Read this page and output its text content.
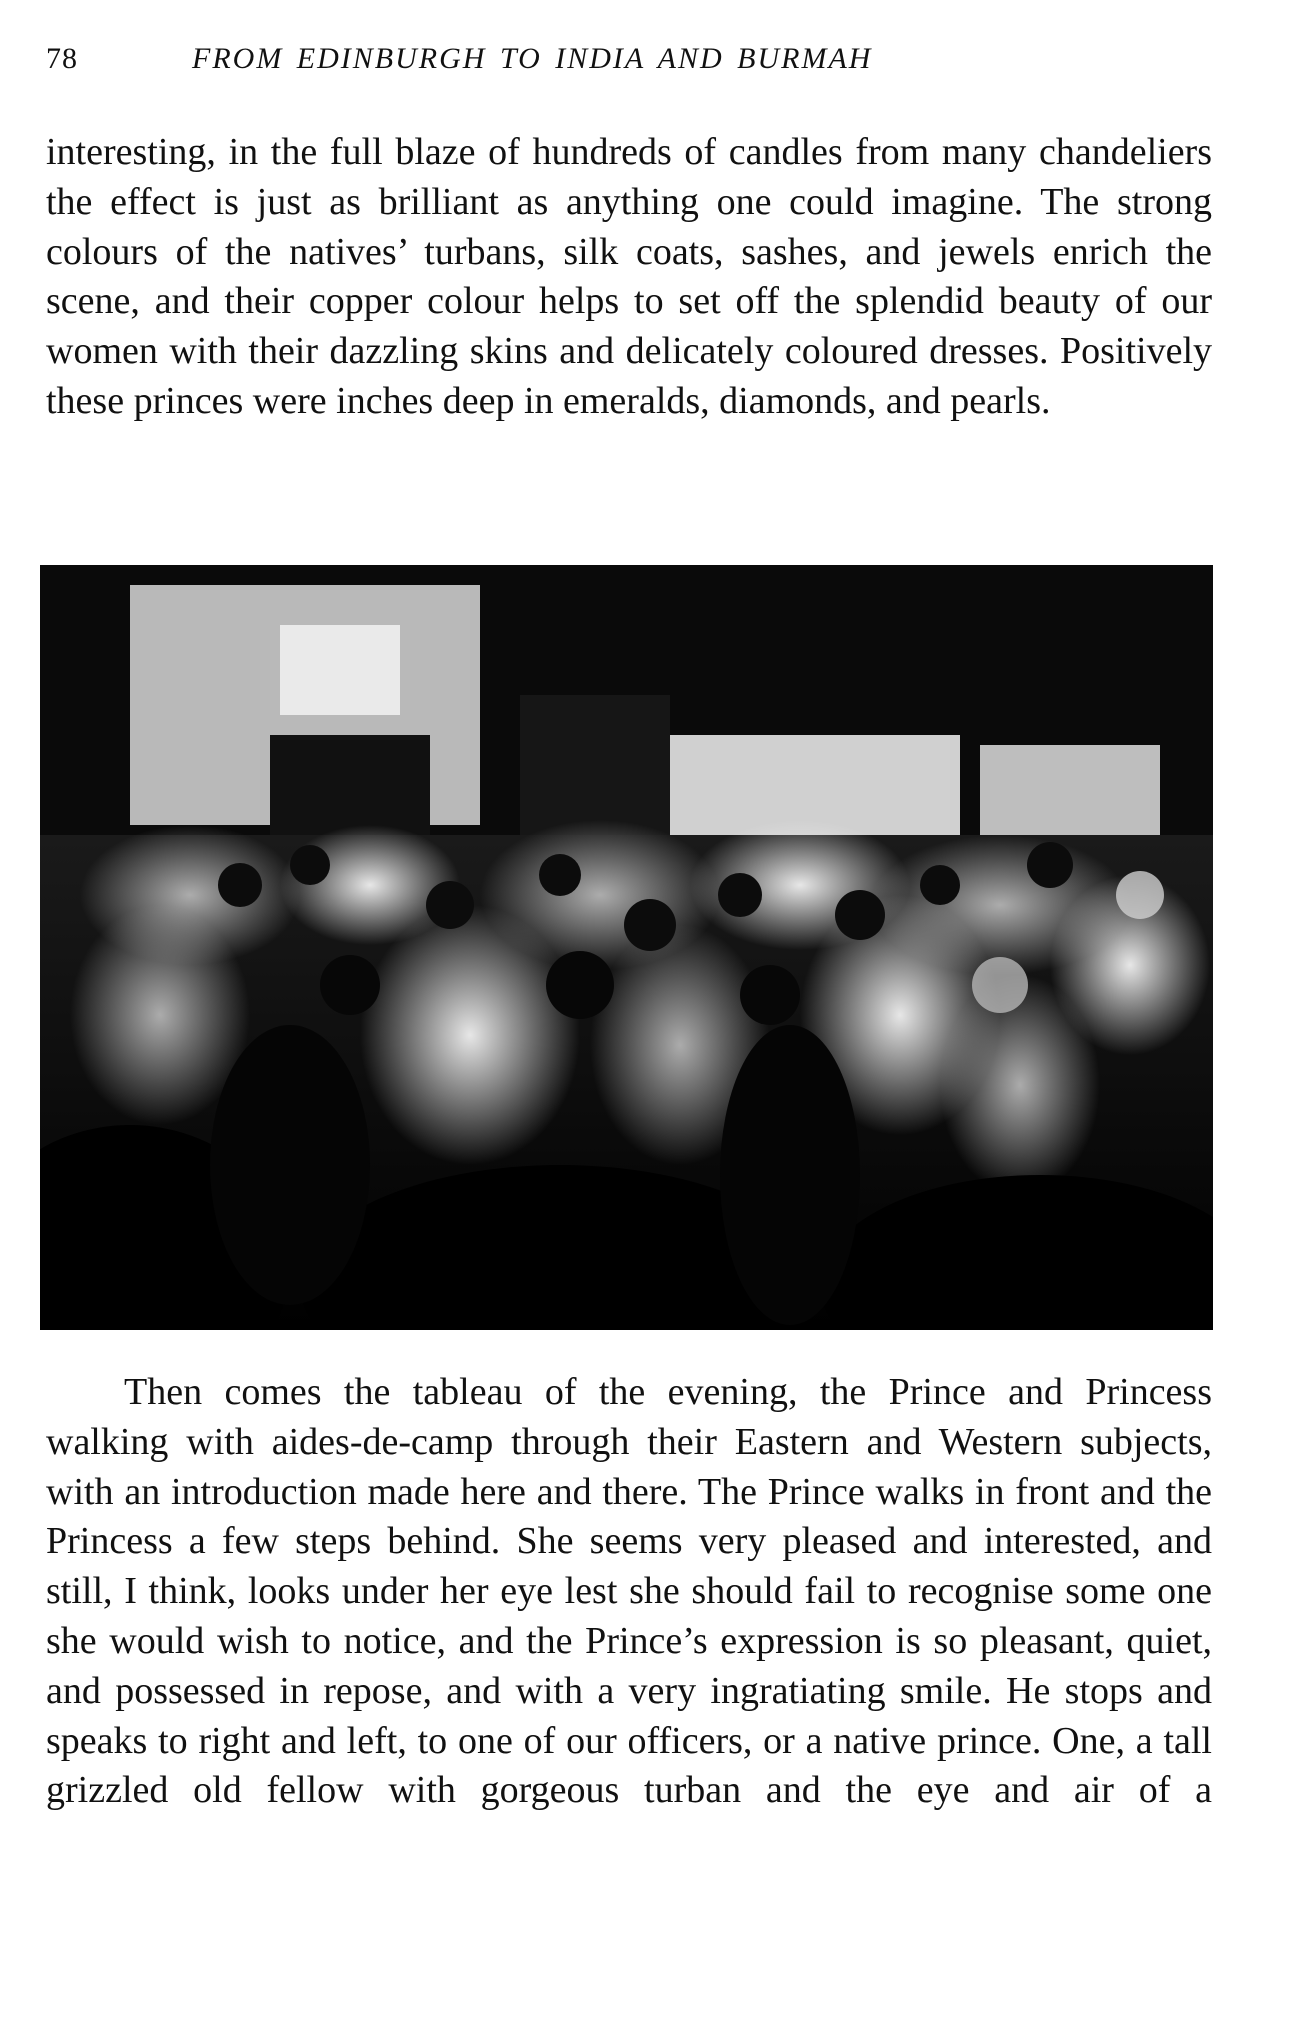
78	FROM EDINBURGH TO INDIA AND BURMAH

interesting, in the full blaze of hundreds of candles from many chandeliers the effect is just as brilliant as anything one could imagine. The strong colours of the natives’ turbans, silk coats, sashes, and jewels enrich the scene, and their copper colour helps to set off the splendid beauty of our women with their dazzling skins and delicately coloured dresses. Positively these princes were inches deep in emeralds, diamonds, and pearls.

Then comes the tableau of the evening, the Prince and Princess walking with aides-de-camp through their Eastern and Western subjects, with an introduction made here and there. The Prince walks in front and the Princess a few steps behind. She seems very pleased and interested, and still, I think, looks under her eye lest she should fail to recognise some one she would wish to notice, and the Prince’s expression is so pleasant, quiet, and possessed in repose, and with a very ingratiating smile. He stops and speaks to right and left, to one of our officers, or a native prince. One, a tall grizzled old fellow with gorgeous turban and the eye and air of a
